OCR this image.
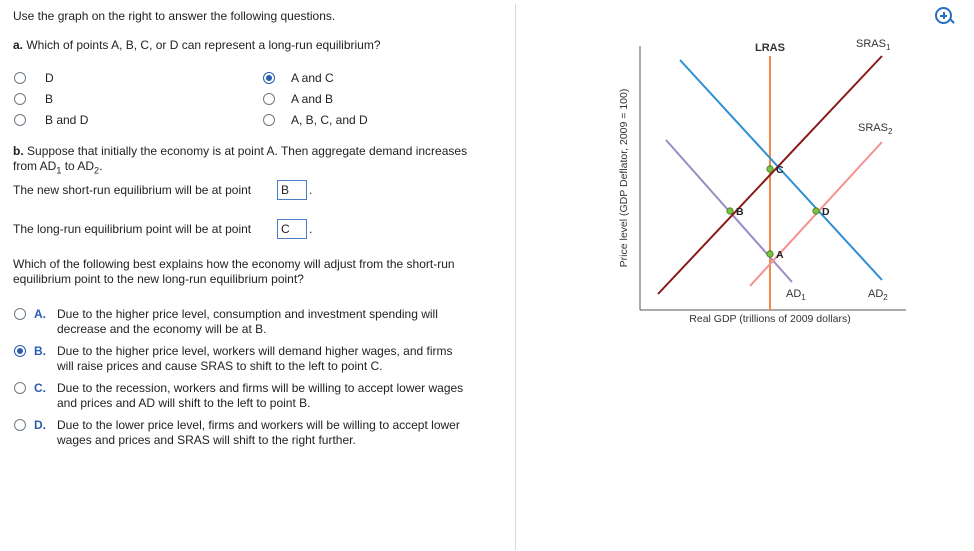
Use the graph on the right to answer the following questions.
a. Which of points A, B, C, or D can represent a long-run equilibrium?
D
B
B and D
A and C
A and B
A, B, C, and D
b. Suppose that initially the economy is at point A. Then aggregate demand increases
from $AD_1$ to $AD_2$.
The new short-run equilibrium will be at point	B	.
The long-run equilibrium point will be at point	C	.
Which of the following best explains how the economy will adjust from the short-run
equilibrium point to the new long-run equilibrium point?
A. Due to the higher price level, consumption and investment spending will
decrease and the economy will be at B.
B. Due to the higher price level, workers will demand higher wages, and firms
will raise prices and cause SRAS to shift to the left to point C.
C. Due to the recession, workers and firms will be willing to accept lower wages
and prices and AD will shift to the left to point B.
D. Due to the lower price level, firms and workers will be willing to accept lower
wages and prices and SRAS will shift to the right further.
Price level (GDP Deflator, 2009 = 100)
Real GDP (trillions of 2009 dollars)
LRAS	$SRAS_1$
$SRAS_2$
$AD_1$	$AD_2$
C
B	D
A
